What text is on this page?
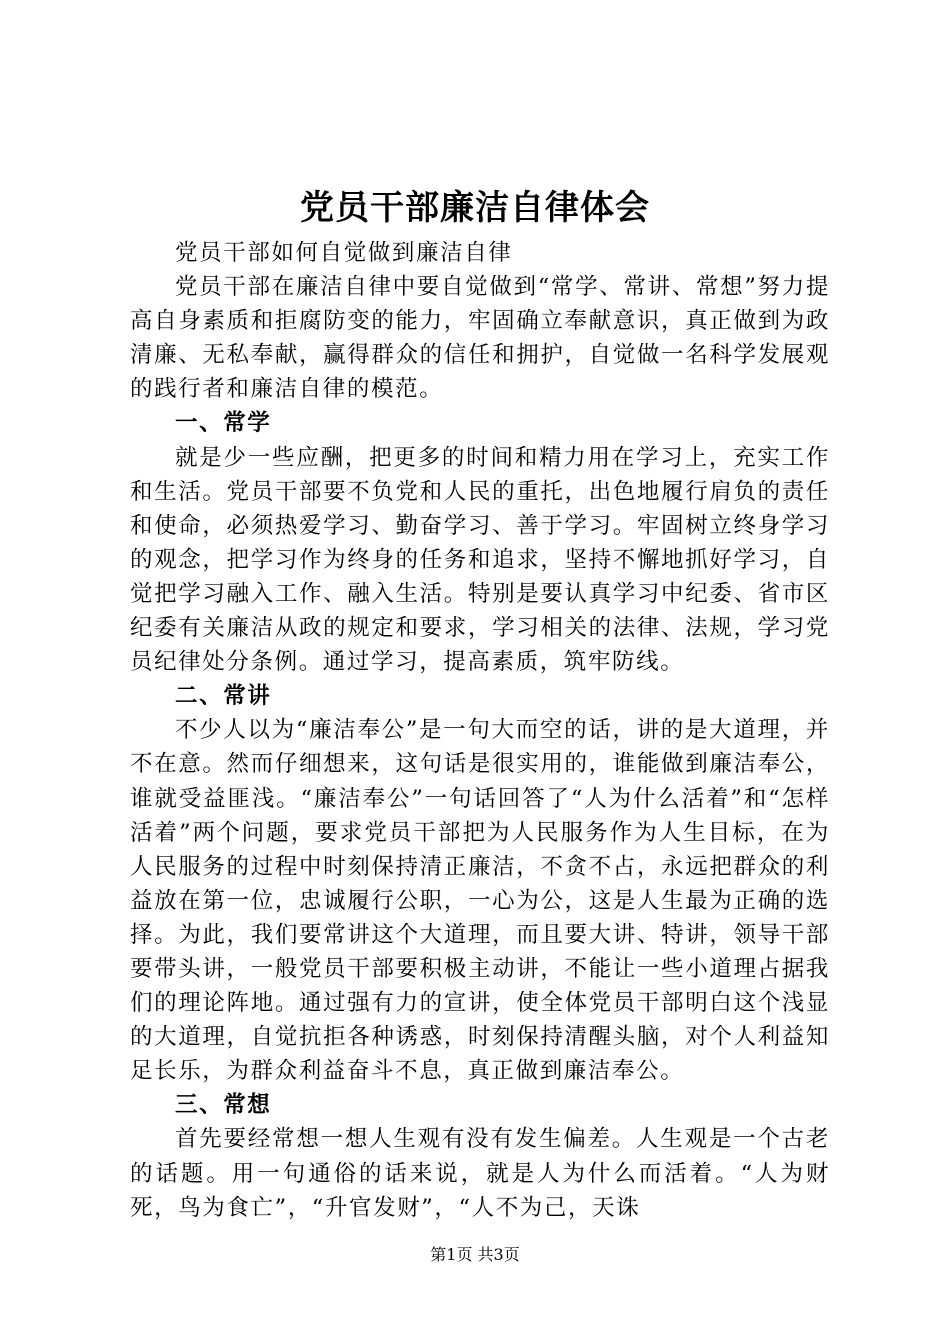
党员干部廉洁自律体会

党员干部如何自觉做到廉洁自律

党员干部在廉洁自律中要自觉做到“常学、常讲、常想”努力提高自身素质和拒腐防变的能力，牢固确立奉献意识，真正做到为政清廉、无私奉献，赢得群众的信任和拥护，自觉做一名科学发展观的践行者和廉洁自律的模范。

一、常学

就是少一些应酬，把更多的时间和精力用在学习上，充实工作和生活。党员干部要不负党和人民的重托，出色地履行肩负的责任和使命，必须热爱学习、勤奋学习、善于学习。牢固树立终身学习的观念，把学习作为终身的任务和追求，坚持不懈地抓好学习，自觉把学习融入工作、融入生活。特别是要认真学习中纪委、省市区纪委有关廉洁从政的规定和要求，学习相关的法律、法规，学习党员纪律处分条例。通过学习，提高素质，筑牢防线。

二、常讲

不少人以为“廉洁奉公”是一句大而空的话，讲的是大道理，并不在意。然而仔细想来，这句话是很实用的，谁能做到廉洁奉公，谁就受益匪浅。“廉洁奉公”一句话回答了“人为什么活着”和“怎样活着”两个问题，要求党员干部把为人民服务作为人生目标，在为人民服务的过程中时刻保持清正廉洁，不贪不占，永远把群众的利益放在第一位，忠诚履行公职，一心为公，这是人生最为正确的选择。为此，我们要常讲这个大道理，而且要大讲、特讲，领导干部要带头讲，一般党员干部要积极主动讲，不能让一些小道理占据我们的理论阵地。通过强有力的宣讲，使全体党员干部明白这个浅显的大道理，自觉抗拒各种诱惑，时刻保持清醒头脑，对个人利益知足长乐，为群众利益奋斗不息，真正做到廉洁奉公。

三、常想

首先要经常想一想人生观有没有发生偏差。人生观是一个古老的话题。用一句通俗的话来说，就是人为什么而活着。“人为财死，鸟为食亡”，“升官发财”，“人不为己，天诛

第1页 共3页
